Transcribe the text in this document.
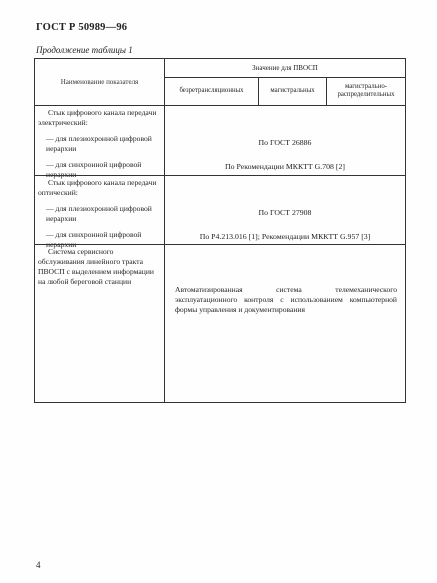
ГОСТ Р 50989—96
Продолжение таблицы 1
Наименование показателя
Значение для ПВОСП
безретрансляционных	магистральных
магистрально-распределительных
Стык цифрового канала передачи электрический:
— для плезиохронной цифровой иерархии
— для синхронной цифровой иерархии
По ГОСТ 26886
По Рекомендации МККТТ G.708 [2]
Стык цифрового канала передачи оптический:
— для плезиохронной цифровой иерархии
— для синхронной цифровой иерархии
По ГОСТ 27908
По Р4.213.016 [1]; Рекомендации МККТТ G.957 [3]
Система сервисного обслуживания линейного тракта ПВОСП с выделением информации на любой береговой станции
Автоматизированная система телемеханического эксплуатационного контроля с использованием компьютерной формы управления и документирования
4
